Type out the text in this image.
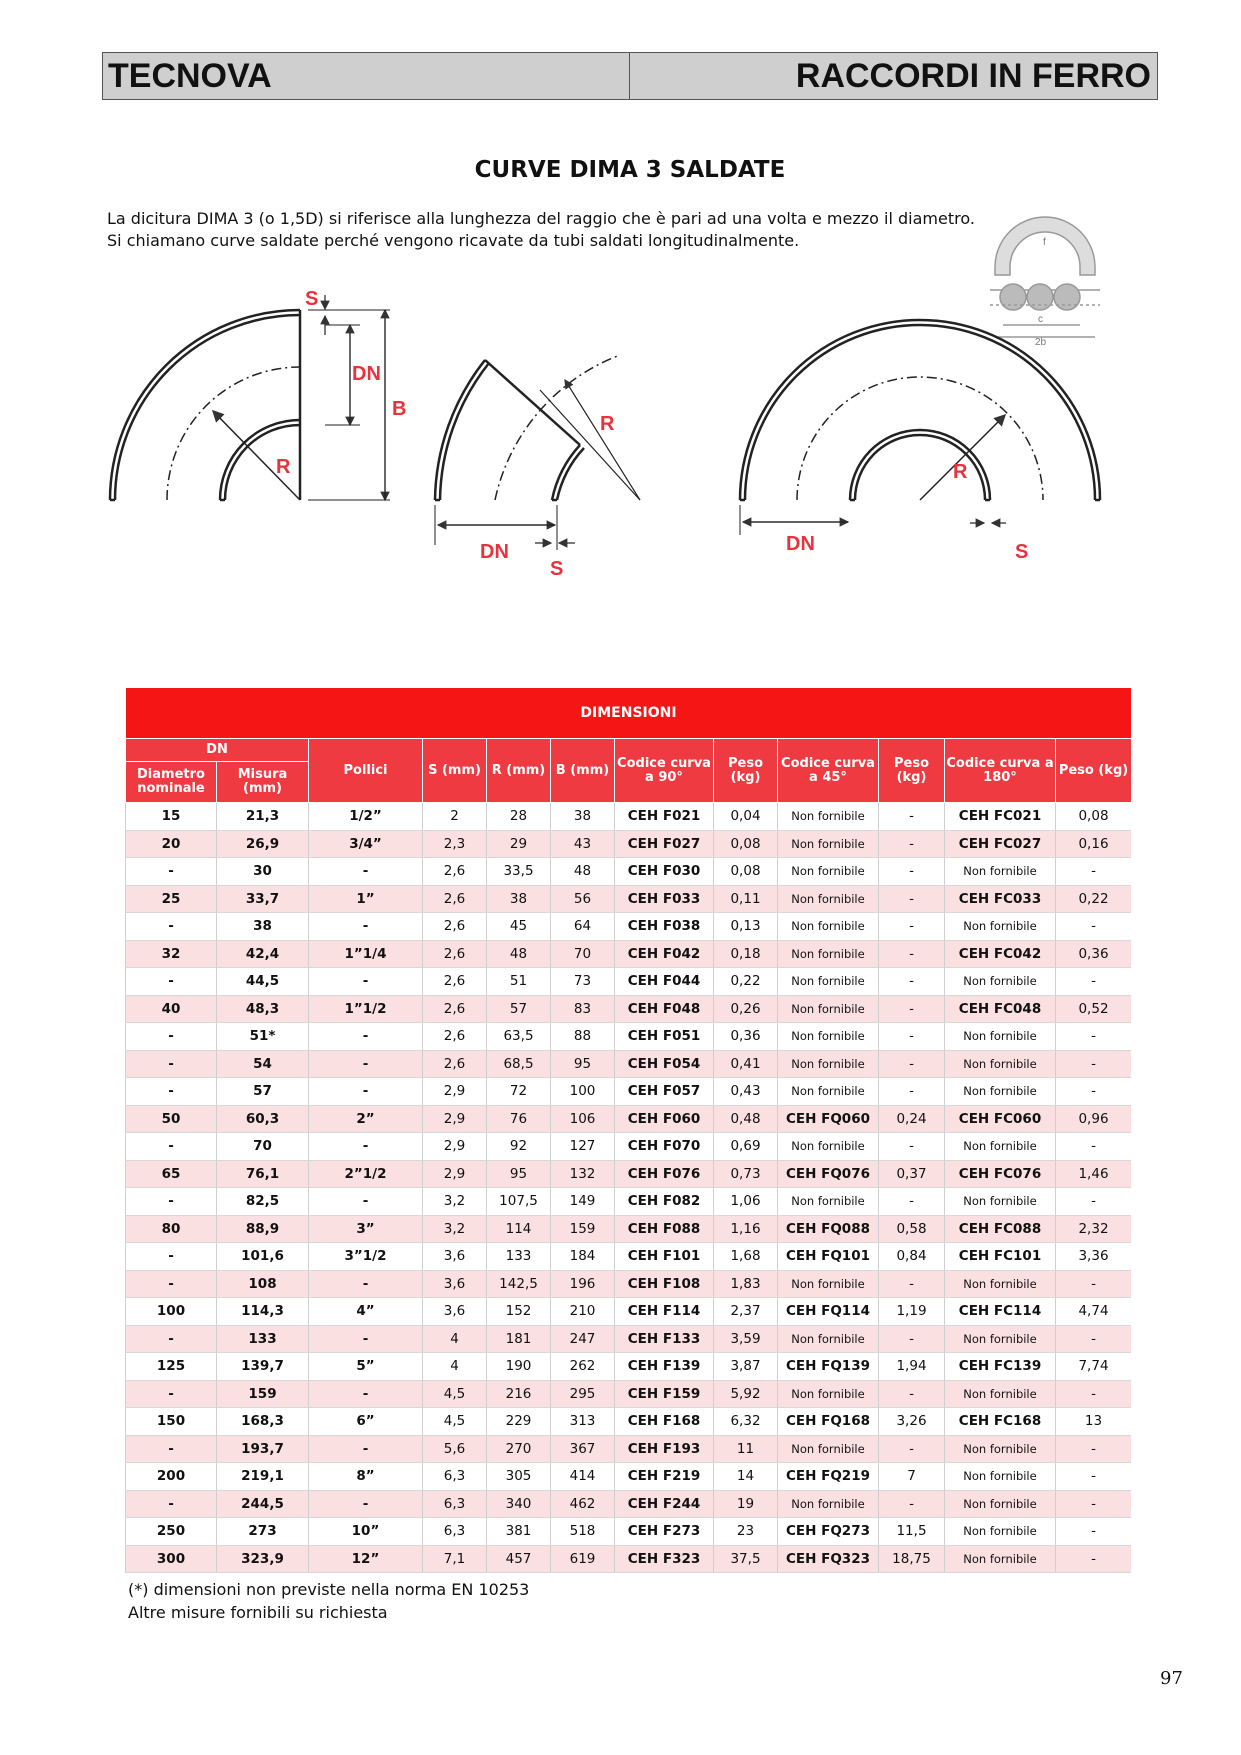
TECNOVA	RACCORDI IN FERRO
CURVE DIMA 3 SALDATE
La dicitura DIMA 3 (o 1,5D) si riferisce alla lunghezza del raggio che è pari ad una volta e mezzo il diametro.
Si chiamano curve saldate perché vengono ricavate da tubi saldati longitudinalmente.
c
2b
f
S
DN
B
R
R
DN
S
R
DN	S
DIMENSIONI											
DN		Pollici	S (mm)	R (mm)	B (mm)	Codice curva a 90°	Peso (kg)	Codice curva a 45°	Peso (kg)	Codice curva a 180°	Peso (kg)
Diametro nominale	Misura (mm)										
15	21,3	1/2”	2	28	38	CEH F021	0,04	Non fornibile	-	CEH FC021	0,08
20	26,9	3/4”	2,3	29	43	CEH F027	0,08	Non fornibile	-	CEH FC027	0,16
-	30	-	2,6	33,5	48	CEH F030	0,08	Non fornibile	-	Non fornibile	-
25	33,7	1”	2,6	38	56	CEH F033	0,11	Non fornibile	-	CEH FC033	0,22
-	38	-	2,6	45	64	CEH F038	0,13	Non fornibile	-	Non fornibile	-
32	42,4	1”1/4	2,6	48	70	CEH F042	0,18	Non fornibile	-	CEH FC042	0,36
-	44,5	-	2,6	51	73	CEH F044	0,22	Non fornibile	-	Non fornibile	-
40	48,3	1”1/2	2,6	57	83	CEH F048	0,26	Non fornibile	-	CEH FC048	0,52
-	51*	-	2,6	63,5	88	CEH F051	0,36	Non fornibile	-	Non fornibile	-
-	54	-	2,6	68,5	95	CEH F054	0,41	Non fornibile	-	Non fornibile	-
-	57	-	2,9	72	100	CEH F057	0,43	Non fornibile	-	Non fornibile	-
50	60,3	2”	2,9	76	106	CEH F060	0,48	CEH FQ060	0,24	CEH FC060	0,96
-	70	-	2,9	92	127	CEH F070	0,69	Non fornibile	-	Non fornibile	-
65	76,1	2”1/2	2,9	95	132	CEH F076	0,73	CEH FQ076	0,37	CEH FC076	1,46
-	82,5	-	3,2	107,5	149	CEH F082	1,06	Non fornibile	-	Non fornibile	-
80	88,9	3”	3,2	114	159	CEH F088	1,16	CEH FQ088	0,58	CEH FC088	2,32
-	101,6	3”1/2	3,6	133	184	CEH F101	1,68	CEH FQ101	0,84	CEH FC101	3,36
-	108	-	3,6	142,5	196	CEH F108	1,83	Non fornibile	-	Non fornibile	-
100	114,3	4”	3,6	152	210	CEH F114	2,37	CEH FQ114	1,19	CEH FC114	4,74
-	133	-	4	181	247	CEH F133	3,59	Non fornibile	-	Non fornibile	-
125	139,7	5”	4	190	262	CEH F139	3,87	CEH FQ139	1,94	CEH FC139	7,74
-	159	-	4,5	216	295	CEH F159	5,92	Non fornibile	-	Non fornibile	-
150	168,3	6”	4,5	229	313	CEH F168	6,32	CEH FQ168	3,26	CEH FC168	13
-	193,7	-	5,6	270	367	CEH F193	11	Non fornibile	-	Non fornibile	-
200	219,1	8”	6,3	305	414	CEH F219	14	CEH FQ219	7	Non fornibile	-
-	244,5	-	6,3	340	462	CEH F244	19	Non fornibile	-	Non fornibile	-
250	273	10”	6,3	381	518	CEH F273	23	CEH FQ273	11,5	Non fornibile	-
300	323,9	12”	7,1	457	619	CEH F323	37,5	CEH FQ323	18,75	Non fornibile	-
(*) dimensioni non previste nella norma EN 10253
Altre misure fornibili su richiesta
97
